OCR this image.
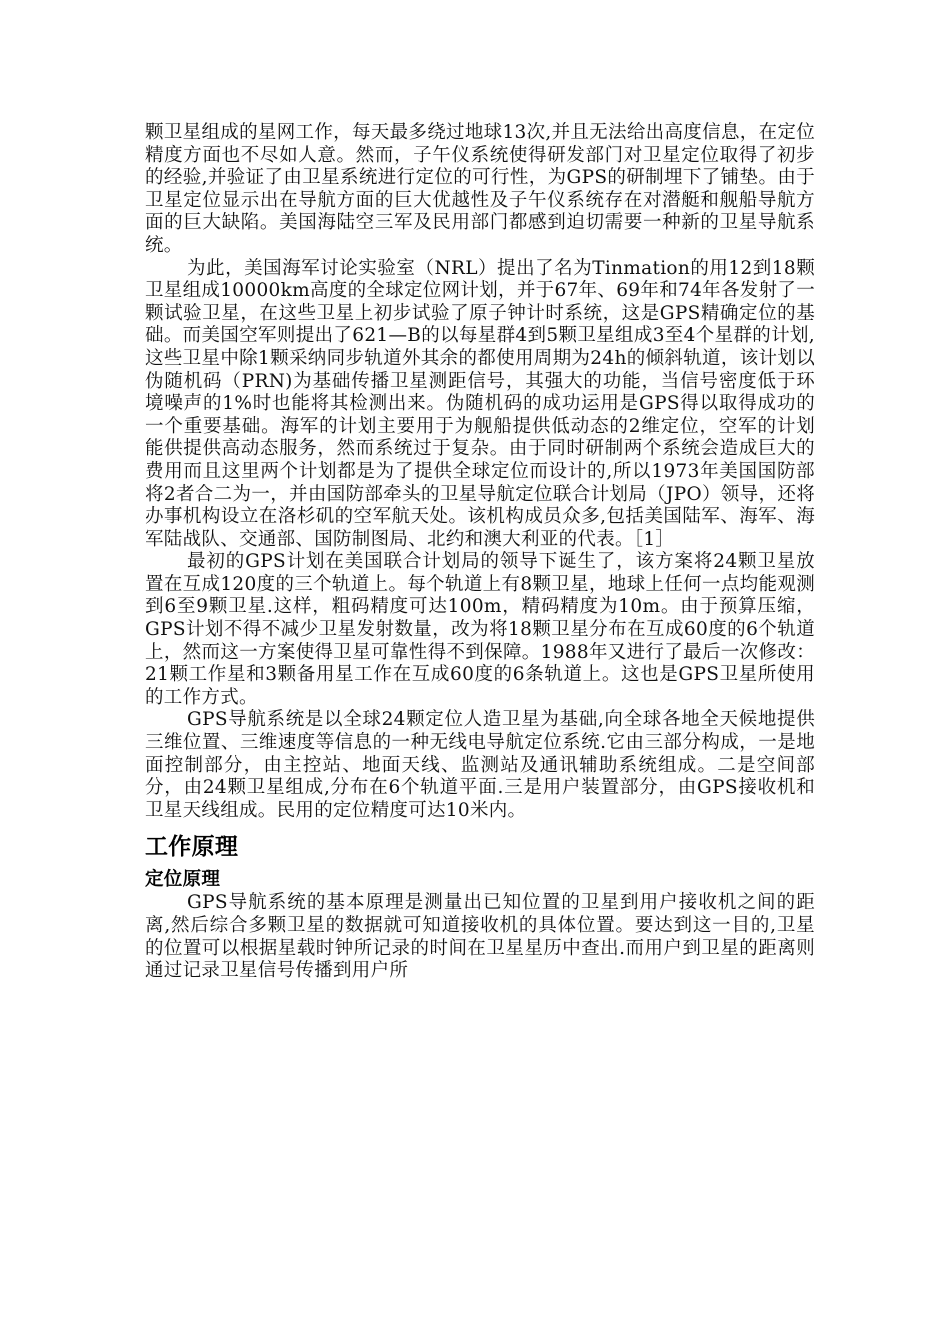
颗卫星组成的星网工作，每天最多绕过地球13次,并且无法给出高度信息，在定位精度方面也不尽如人意。然而，子午仪系统使得研发部门对卫星定位取得了初步的经验,并验证了由卫星系统进行定位的可行性，为GPS的研制埋下了铺垫。由于卫星定位显示出在导航方面的巨大优越性及子午仪系统存在对潜艇和舰船导航方面的巨大缺陷。美国海陆空三军及民用部门都感到迫切需要一种新的卫星导航系统。

为此，美国海军讨论实验室（NRL）提出了名为Tinmation的用12到18颗卫星组成10000km高度的全球定位网计划，并于67年、69年和74年各发射了一颗试验卫星，在这些卫星上初步试验了原子钟计时系统，这是GPS精确定位的基础。而美国空军则提出了621—B的以每星群4到5颗卫星组成3至4个星群的计划,这些卫星中除1颗采纳同步轨道外其余的都使用周期为24h的倾斜轨道，该计划以伪随机码（PRN)为基础传播卫星测距信号，其强大的功能，当信号密度低于环境噪声的1%时也能将其检测出来。伪随机码的成功运用是GPS得以取得成功的一个重要基础。海军的计划主要用于为舰船提供低动态的2维定位，空军的计划能供提供高动态服务，然而系统过于复杂。由于同时研制两个系统会造成巨大的费用而且这里两个计划都是为了提供全球定位而设计的,所以1973年美国国防部将2者合二为一，并由国防部牵头的卫星导航定位联合计划局（JPO）领导，还将办事机构设立在洛杉矶的空军航天处。该机构成员众多,包括美国陆军、海军、海军陆战队、交通部、国防制图局、北约和澳大利亚的代表。［1］

最初的GPS计划在美国联合计划局的领导下诞生了，该方案将24颗卫星放置在互成120度的三个轨道上。每个轨道上有8颗卫星，地球上任何一点均能观测到6至9颗卫星.这样，粗码精度可达100m，精码精度为10m。由于预算压缩，GPS计划不得不减少卫星发射数量，改为将18颗卫星分布在互成60度的6个轨道上，然而这一方案使得卫星可靠性得不到保障。1988年又进行了最后一次修改：21颗工作星和3颗备用星工作在互成60度的6条轨道上。这也是GPS卫星所使用的工作方式。

GPS导航系统是以全球24颗定位人造卫星为基础,向全球各地全天候地提供三维位置、三维速度等信息的一种无线电导航定位系统.它由三部分构成，一是地面控制部分，由主控站、地面天线、监测站及通讯辅助系统组成。二是空间部分，由24颗卫星组成,分布在6个轨道平面.三是用户装置部分，由GPS接收机和卫星天线组成。民用的定位精度可达10米内。

工作原理
定位原理

GPS导航系统的基本原理是测量出已知位置的卫星到用户接收机之间的距离,然后综合多颗卫星的数据就可知道接收机的具体位置。要达到这一目的,卫星的位置可以根据星载时钟所记录的时间在卫星星历中查出.而用户到卫星的距离则通过记录卫星信号传播到用户所
